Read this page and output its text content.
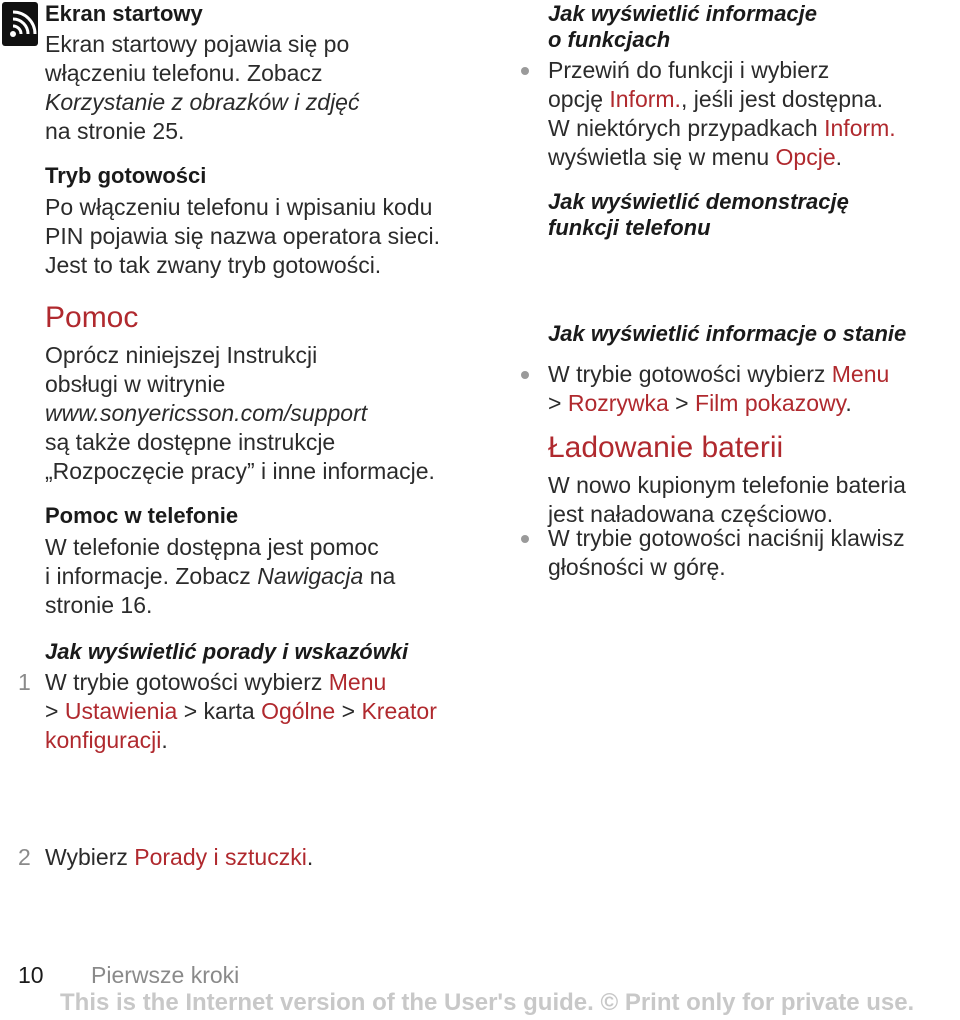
Ekran startowy

Ekran startowy pojawia się po

włączeniu telefonu. Zobacz

Korzystanie z obrazków i zdjęć

na stronie 25.

Tryb gotowości

Po włączeniu telefonu i wpisaniu kodu

PIN pojawia się nazwa operatora sieci.

Jest to tak zwany tryb gotowości.

Pomoc

Oprócz niniejszej Instrukcji

obsługi w witrynie

www.sonyericsson.com/support

są także dostępne instrukcje

„Rozpoczęcie pracy” i inne informacje.

Pomoc w telefonie

W telefonie dostępna jest pomoc

i informacje. Zobacz Nawigacja na

stronie 16.

Jak wyświetlić porady i wskazówki

1 W trybie gotowości wybierz Menu

> Ustawienia > karta Ogólne > Kreator

konfiguracji.

2 Wybierz Porady i sztuczki.

Jak wyświetlić informacje

o funkcjach

Przewiń do funkcji i wybierz

opcję Inform., jeśli jest dostępna.

W niektórych przypadkach Inform.

wyświetla się w menu Opcje.

Jak wyświetlić demonstrację

funkcji telefonu

W trybie gotowości wybierz Menu

> Rozrywka > Film pokazowy.

Jak wyświetlić informacje o stanie

W trybie gotowości naciśnij klawisz

głośności w górę.

Ładowanie baterii

W nowo kupionym telefonie bateria

jest naładowana częściowo.

10 Pierwsze kroki
This is the Internet version of the User's guide. © Print only for private use.
